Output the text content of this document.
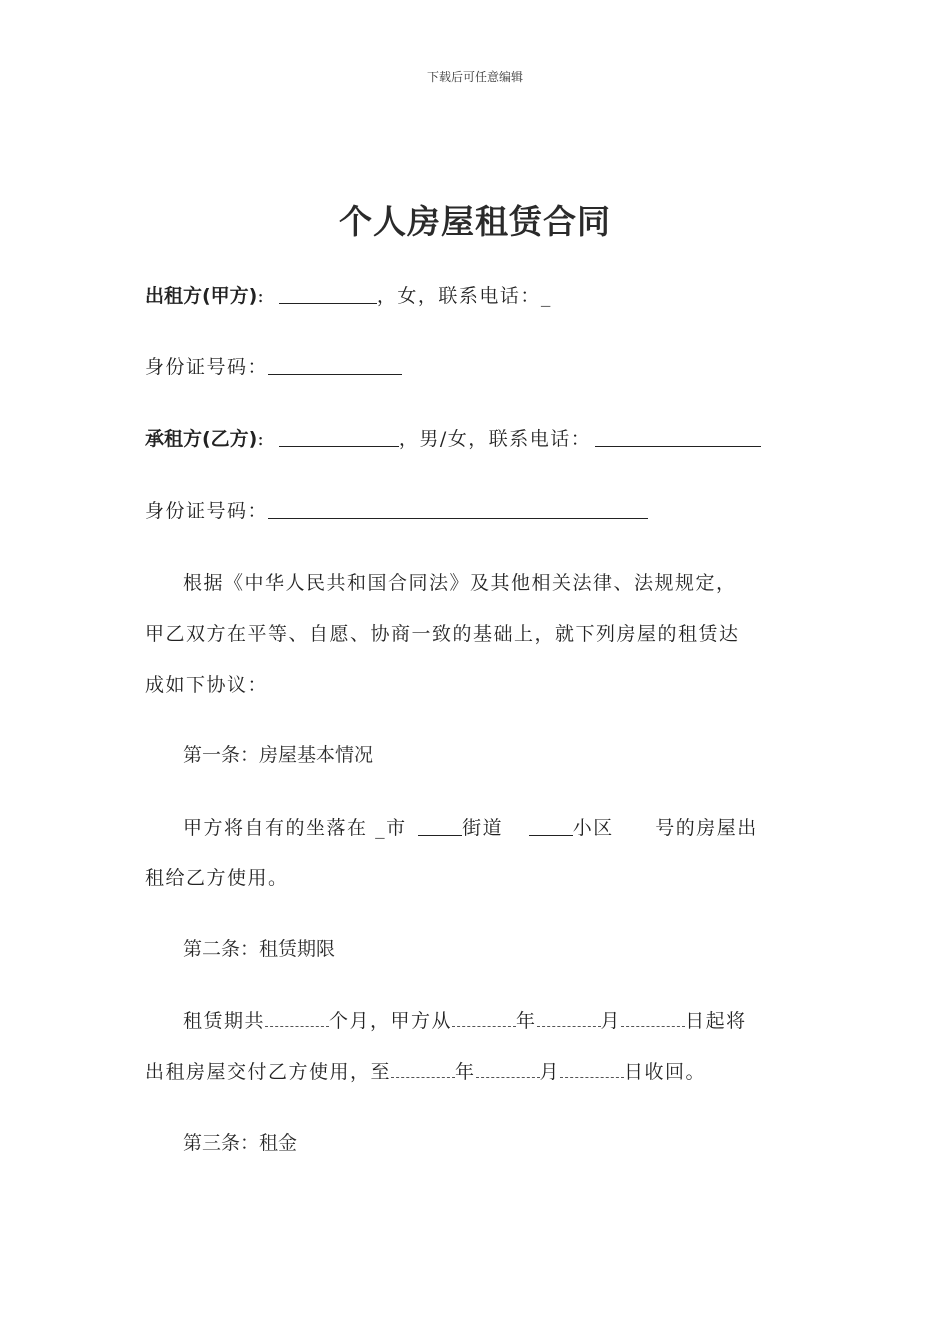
下载后可任意编辑
个人房屋租赁合同
出租方(甲方):	，女，联系电话：_
身份证号码：
承租方(乙方):	，男/女，联系电话：
身份证号码：
根据《中华人民共和国合同法》及其他相关法律、法规规定，
甲乙双方在平等、自愿、协商一致的基础上，就下列房屋的租赁达
成如下协议：
第一条：房屋基本情况
甲方将自有的坐落在 _市	街道	小区 号的房屋出
租给乙方使用。
第二条：租赁期限
租赁期共	个月，甲方从	年	月	日起将
出租房屋交付乙方使用，至	年	月	日收回。
第三条：租金
